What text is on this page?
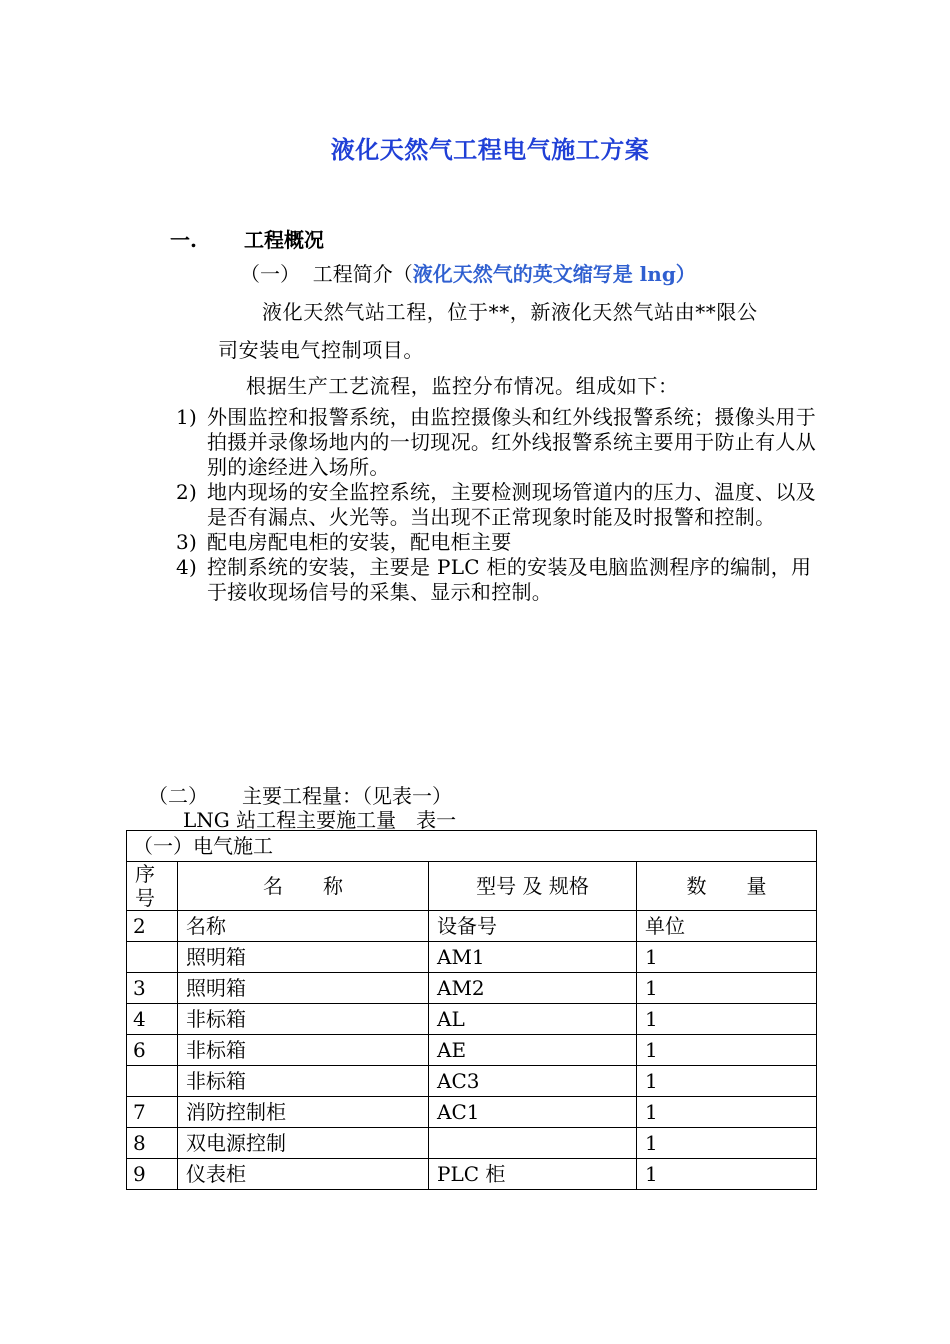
液化天然气工程电气施工方案
一. 工程概况
（一） 工程简介（液化天然气的英文缩写是 lng）
液化天然气站工程，位于**，新液化天然气站由**限公
司安装电气控制项目。
根据生产工艺流程，监控分布情况。组成如下：
1) 外围监控和报警系统，由监控摄像头和红外线报警系统；摄像头用于拍摄并录像场地内的一切现况。红外线报警系统主要用于防止有人从别的途经进入场所。
2) 地内现场的安全监控系统，主要检测现场管道内的压力、温度、以及是否有漏点、火光等。当出现不正常现象时能及时报警和控制。
3) 配电房配电柜的安装，配电柜主要
4) 控制系统的安装，主要是 PLC 柜的安装及电脑监测程序的编制，用于接收现场信号的采集、显示和控制。
（二） 主要工程量：（见表一）
LNG 站工程主要施工量　表一
（一）电气施工			
序号	名　　称	型号 及 规格	数　　量
2	名称	设备号	单位
	照明箱	AM1	1
3	照明箱	AM2	1
4	非标箱	AL	1
6	非标箱	AE	1
	非标箱	AC3	1
7	消防控制柜	AC1	1
8	双电源控制		1
9	仪表柜	PLC 柜	1
